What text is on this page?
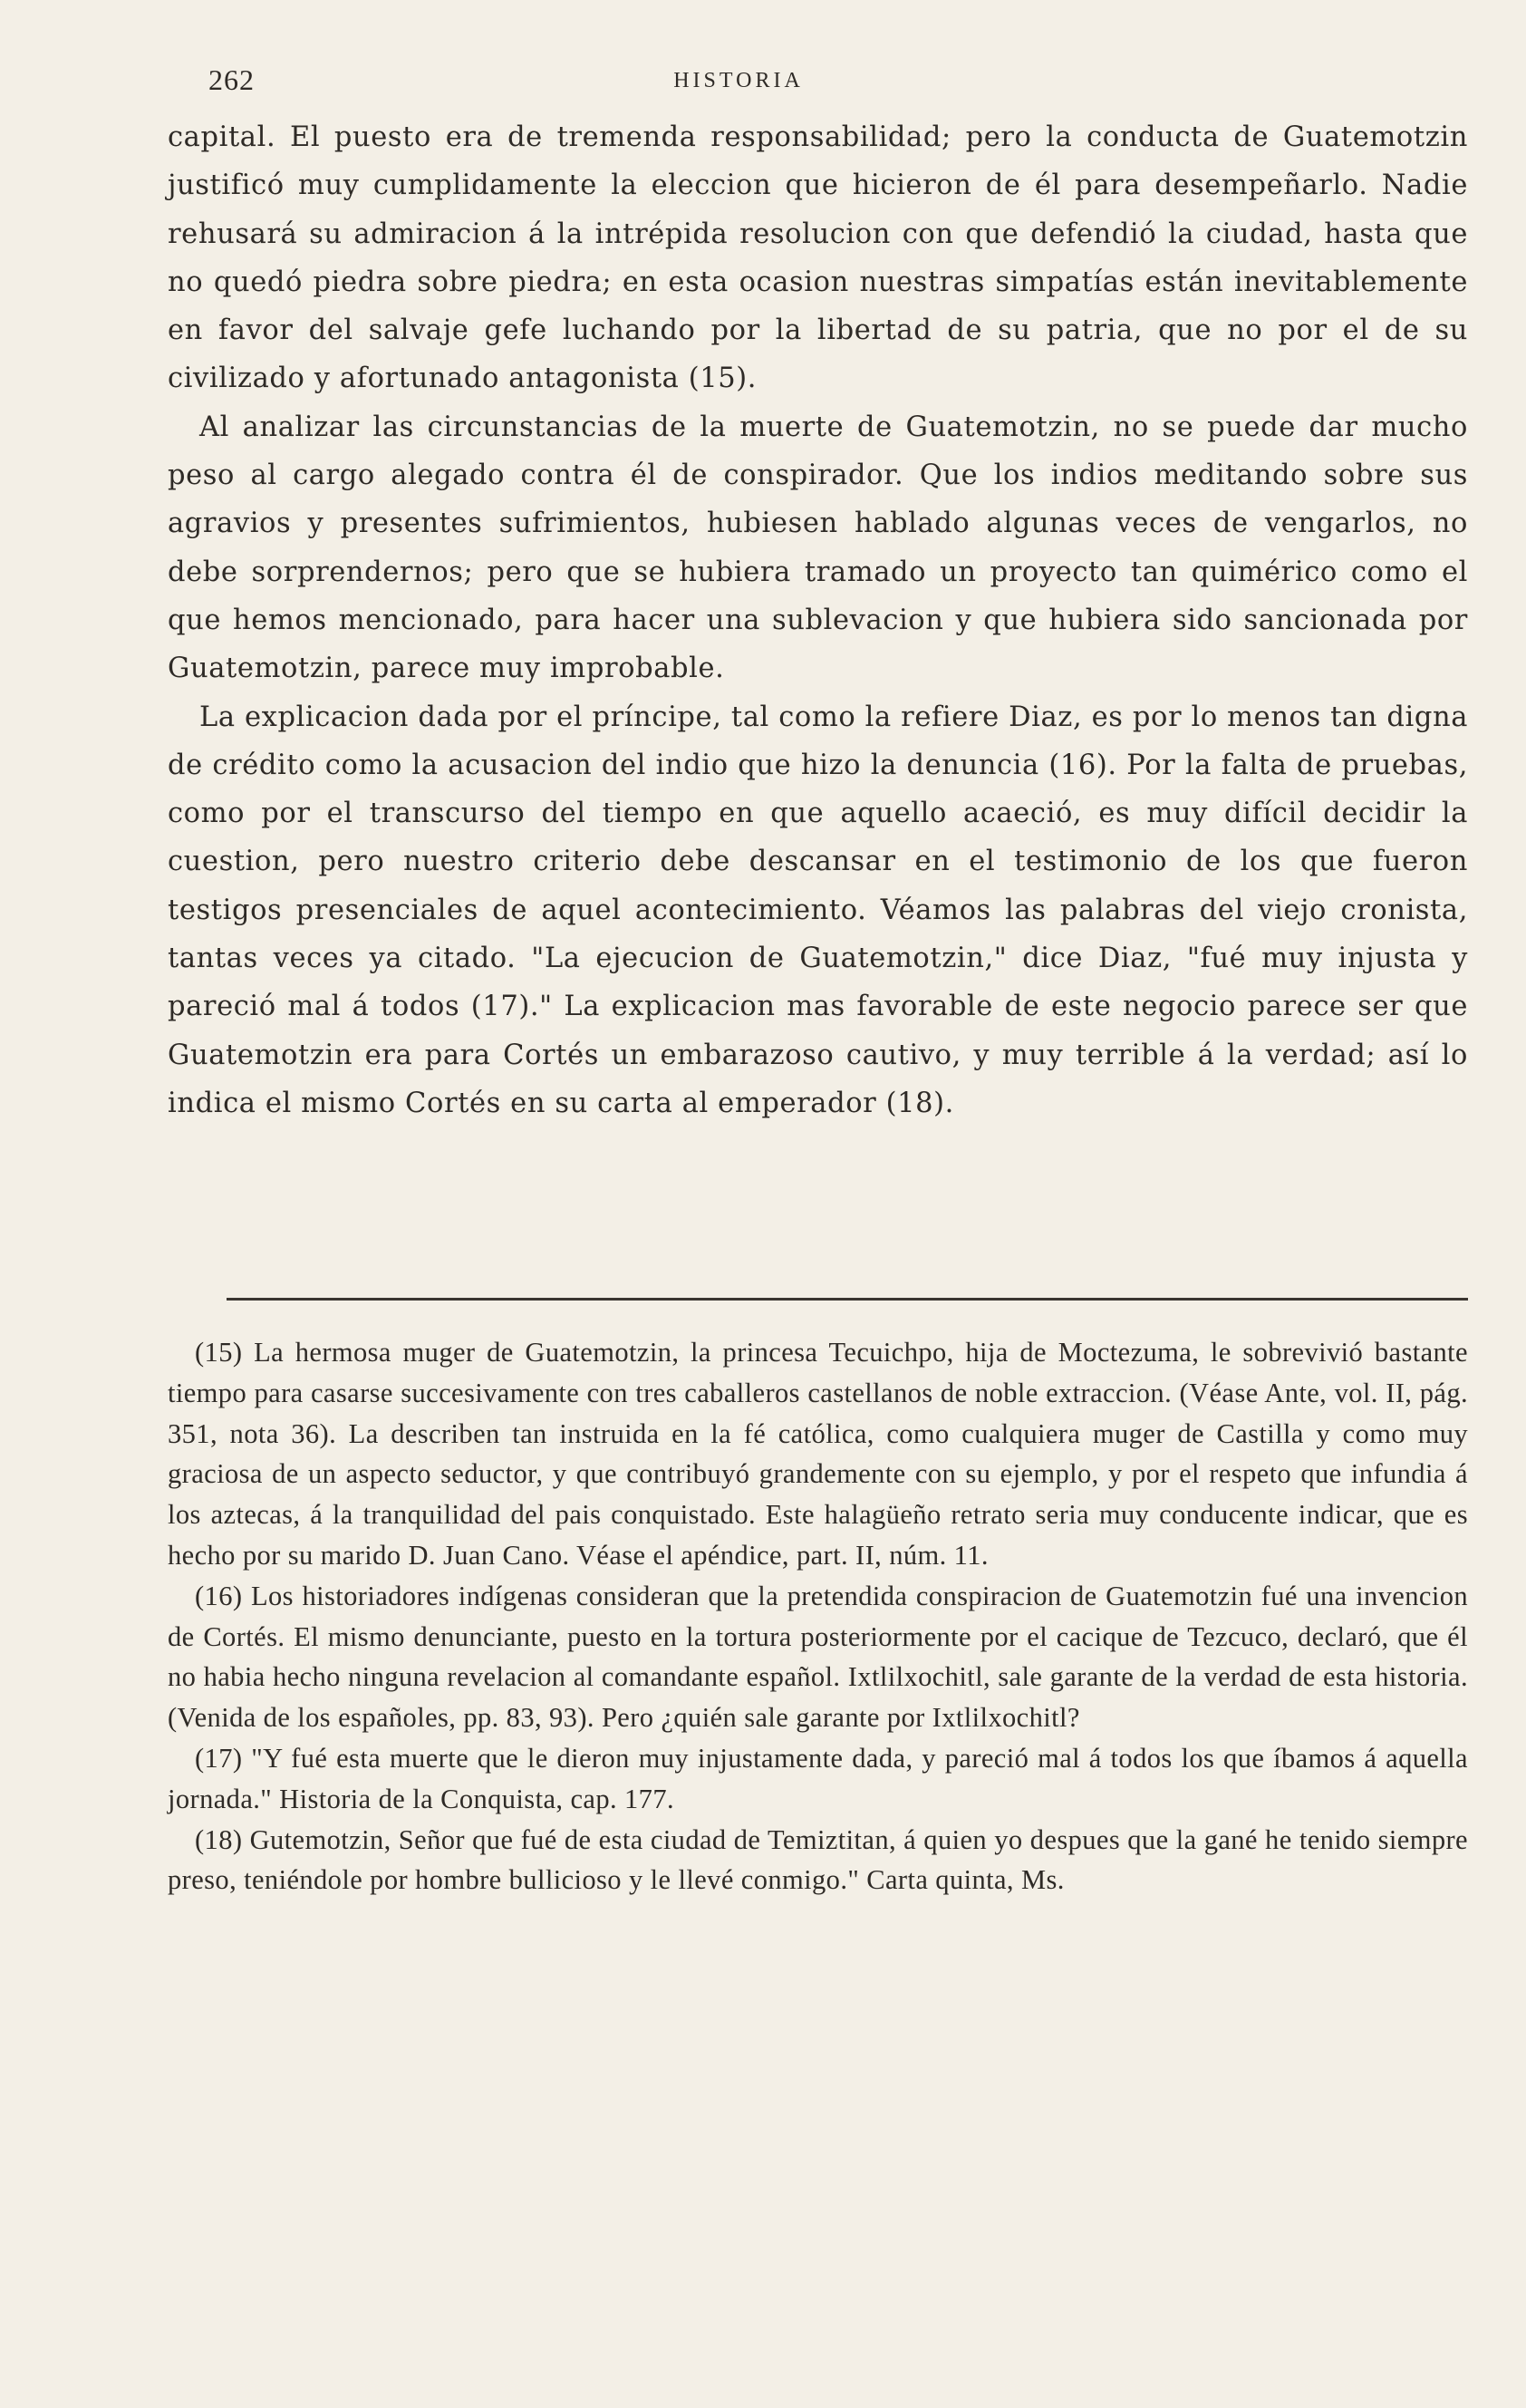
262	HISTORIA

capital. El puesto era de tremenda responsabilidad; pero la conducta de Guatemotzin justificó muy cumplidamente la eleccion que hicieron de él para desempeñarlo. Nadie rehusará su admiracion á la intrépida resolucion con que defendió la ciudad, hasta que no quedó piedra sobre piedra; en esta ocasion nuestras simpatías están inevitablemente en favor del salvaje gefe luchando por la libertad de su patria, que no por el de su civilizado y afortunado antagonista (15).

Al analizar las circunstancias de la muerte de Guatemotzin, no se puede dar mucho peso al cargo alegado contra él de conspirador. Que los indios meditando sobre sus agravios y presentes sufrimientos, hubiesen hablado algunas veces de vengarlos, no debe sorprendernos; pero que se hubiera tramado un proyecto tan quimérico como el que hemos mencionado, para hacer una sublevacion y que hubiera sido sancionada por Guatemotzin, parece muy improbable.

La explicacion dada por el príncipe, tal como la refiere Diaz, es por lo menos tan digna de crédito como la acusacion del indio que hizo la denuncia (16). Por la falta de pruebas, como por el transcurso del tiempo en que aquello acaeció, es muy difícil decidir la cuestion, pero nuestro criterio debe descansar en el testimonio de los que fueron testigos presenciales de aquel acontecimiento. Véamos las palabras del viejo cronista, tantas veces ya citado. "La ejecucion de Guatemotzin," dice Diaz, "fué muy injusta y pareció mal á todos (17)." La explicacion mas favorable de este negocio parece ser que Guatemotzin era para Cortés un embarazoso cautivo, y muy terrible á la verdad; así lo indica el mismo Cortés en su carta al emperador (18).

(15) La hermosa muger de Guatemotzin, la princesa Tecuichpo, hija de Moctezuma, le sobrevivió bastante tiempo para casarse succesivamente con tres caballeros castellanos de noble extraccion. (Véase Ante, vol. II, pág. 351, nota 36). La describen tan instruida en la fé católica, como cualquiera muger de Castilla y como muy graciosa de un aspecto seductor, y que contribuyó grandemente con su ejemplo, y por el respeto que infundia á los aztecas, á la tranquilidad del pais conquistado. Este halagüeño retrato seria muy conducente indicar, que es hecho por su marido D. Juan Cano. Véase el apéndice, part. II, núm. 11.

(16) Los historiadores indígenas consideran que la pretendida conspiracion de Guatemotzin fué una invencion de Cortés. El mismo denunciante, puesto en la tortura posteriormente por el cacique de Tezcuco, declaró, que él no habia hecho ninguna revelacion al comandante español. Ixtlilxochitl, sale garante de la verdad de esta historia. (Venida de los españoles, pp. 83, 93). Pero ¿quién sale garante por Ixtlilxochitl?

(17) "Y fué esta muerte que le dieron muy injustamente dada, y pareció mal á todos los que íbamos á aquella jornada." Historia de la Conquista, cap. 177.

(18) Gutemotzin, Señor que fué de esta ciudad de Temiztitan, á quien yo despues que la gané he tenido siempre preso, teniéndole por hombre bullicioso y le llevé conmigo." Carta quinta, Ms.
